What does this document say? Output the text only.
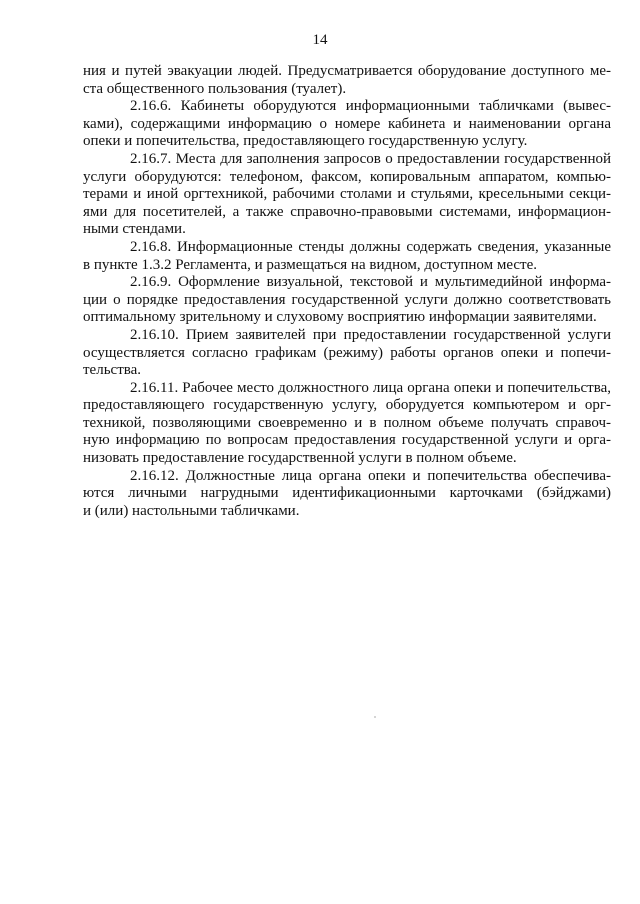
14
ния и путей эвакуации людей. Предусматривается оборудование доступного ме-
ста общественного пользования (туалет).
2.16.6. Кабинеты оборудуются информационными табличками (вывес-
ками), содержащими информацию о номере кабинета и наименовании органа
опеки и попечительства, предоставляющего государственную услугу.
2.16.7. Места для заполнения запросов о предоставлении государственной
услуги оборудуются: телефоном, факсом, копировальным аппаратом, компью-
терами и иной оргтехникой, рабочими столами и стульями, кресельными секци-
ями для посетителей, а также справочно-правовыми системами, информацион-
ными стендами.
2.16.8. Информационные стенды должны содержать сведения, указанные
в пункте 1.3.2 Регламента, и размещаться на видном, доступном месте.
2.16.9. Оформление визуальной, текстовой и мультимедийной информа-
ции о порядке предоставления государственной услуги должно соответствовать
оптимальному зрительному и слуховому восприятию информации заявителями.
2.16.10. Прием заявителей при предоставлении государственной услуги
осуществляется согласно графикам (режиму) работы органов опеки и попечи-
тельства.
2.16.11. Рабочее место должностного лица органа опеки и попечительства,
предоставляющего государственную услугу, оборудуется компьютером и орг-
техникой, позволяющими своевременно и в полном объеме получать справоч-
ную информацию по вопросам предоставления государственной услуги и орга-
низовать предоставление государственной услуги в полном объеме.
2.16.12. Должностные лица органа опеки и попечительства обеспечива-
ются личными нагрудными идентификационными карточками (бэйджами)
и (или) настольными табличками.
